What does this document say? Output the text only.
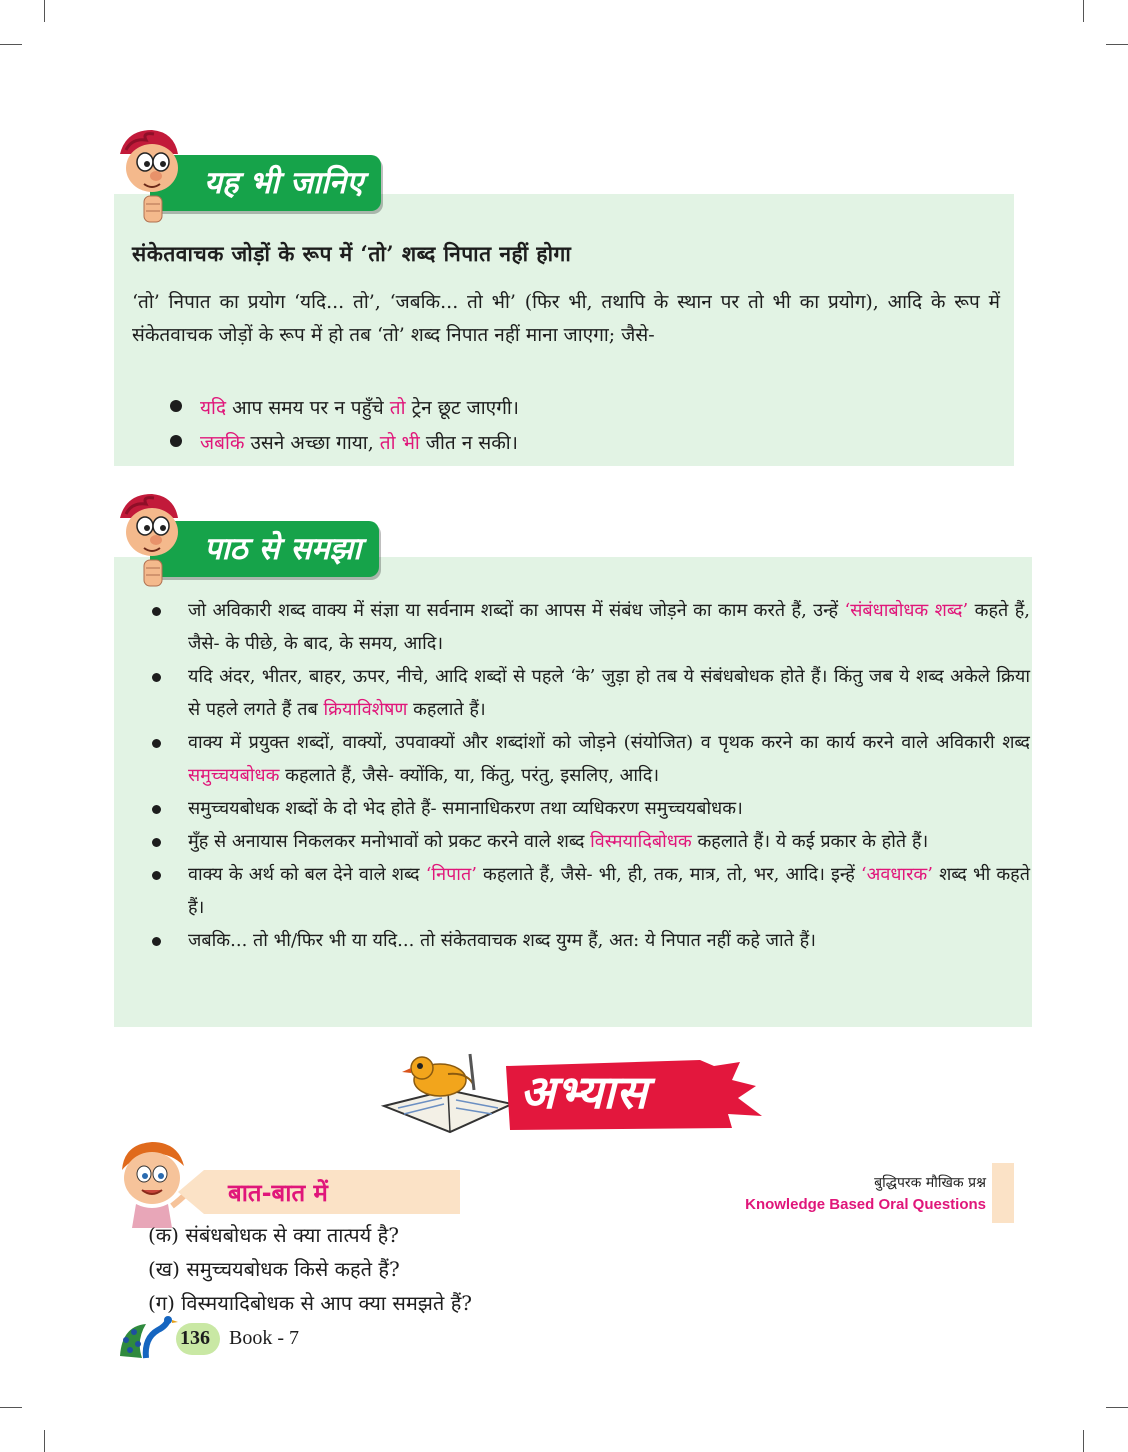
यह भी जानिए
संकेतवाचक जोड़ों के रूप में ‘तो’ शब्द निपात नहीं होगा
‘तो’ निपात का प्रयोग ‘यदि... तो’, ‘जबकि... तो भी’ (फिर भी, तथापि के स्थान पर तो भी का प्रयोग), आदि के रूप में संकेतवाचक जोड़ों के रूप में हो तब ‘तो’ शब्द निपात नहीं माना जाएगा; जैसे-
यदि आप समय पर न पहुँचे तो ट्रेन छूट जाएगी।
जबकि उसने अच्छा गाया, तो भी जीत न सकी।
पाठ से समझा
जो अविकारी शब्द वाक्य में संज्ञा या सर्वनाम शब्दों का आपस में संबंध जोड़ने का काम करते हैं, उन्हें ‘संबंधाबोधक शब्द’ कहते हैं, जैसे- के पीछे, के बाद, के समय, आदि।
यदि अंदर, भीतर, बाहर, ऊपर, नीचे, आदि शब्दों से पहले ‘के’ जुड़ा हो तब ये संबंधबोधक होते हैं। किंतु जब ये शब्द अकेले क्रिया से पहले लगते हैं तब क्रियाविशेषण कहलाते हैं।
वाक्य में प्रयुक्त शब्दों, वाक्यों, उपवाक्यों और शब्दांशों को जोड़ने (संयोजित) व पृथक करने का कार्य करने वाले अविकारी शब्द समुच्चयबोधक कहलाते हैं, जैसे- क्योंकि, या, किंतु, परंतु, इसलिए, आदि।
समुच्चयबोधक शब्दों के दो भेद होते हैं- समानाधिकरण तथा व्यधिकरण समुच्चयबोधक।
मुँह से अनायास निकलकर मनोभावों को प्रकट करने वाले शब्द विस्मयादिबोधक कहलाते हैं। ये कई प्रकार के होते हैं।
वाक्य के अर्थ को बल देने वाले शब्द ‘निपात’ कहलाते हैं, जैसे- भी, ही, तक, मात्र, तो, भर, आदि। इन्हें ‘अवधारक’ शब्द भी कहते हैं।
जबकि... तो भी/फिर भी या यदि... तो संकेतवाचक शब्द युग्म हैं, अत: ये निपात नहीं कहे जाते हैं।
अभ्यास
बात-बात में	बुद्धिपरक मौखिक प्रश्न
Knowledge Based Oral Questions
(क) संबंधबोधक से क्या तात्पर्य है?
(ख) समुच्चयबोधक किसे कहते हैं?
(ग) विस्मयादिबोधक से आप क्या समझते हैं?
136 Book - 7
